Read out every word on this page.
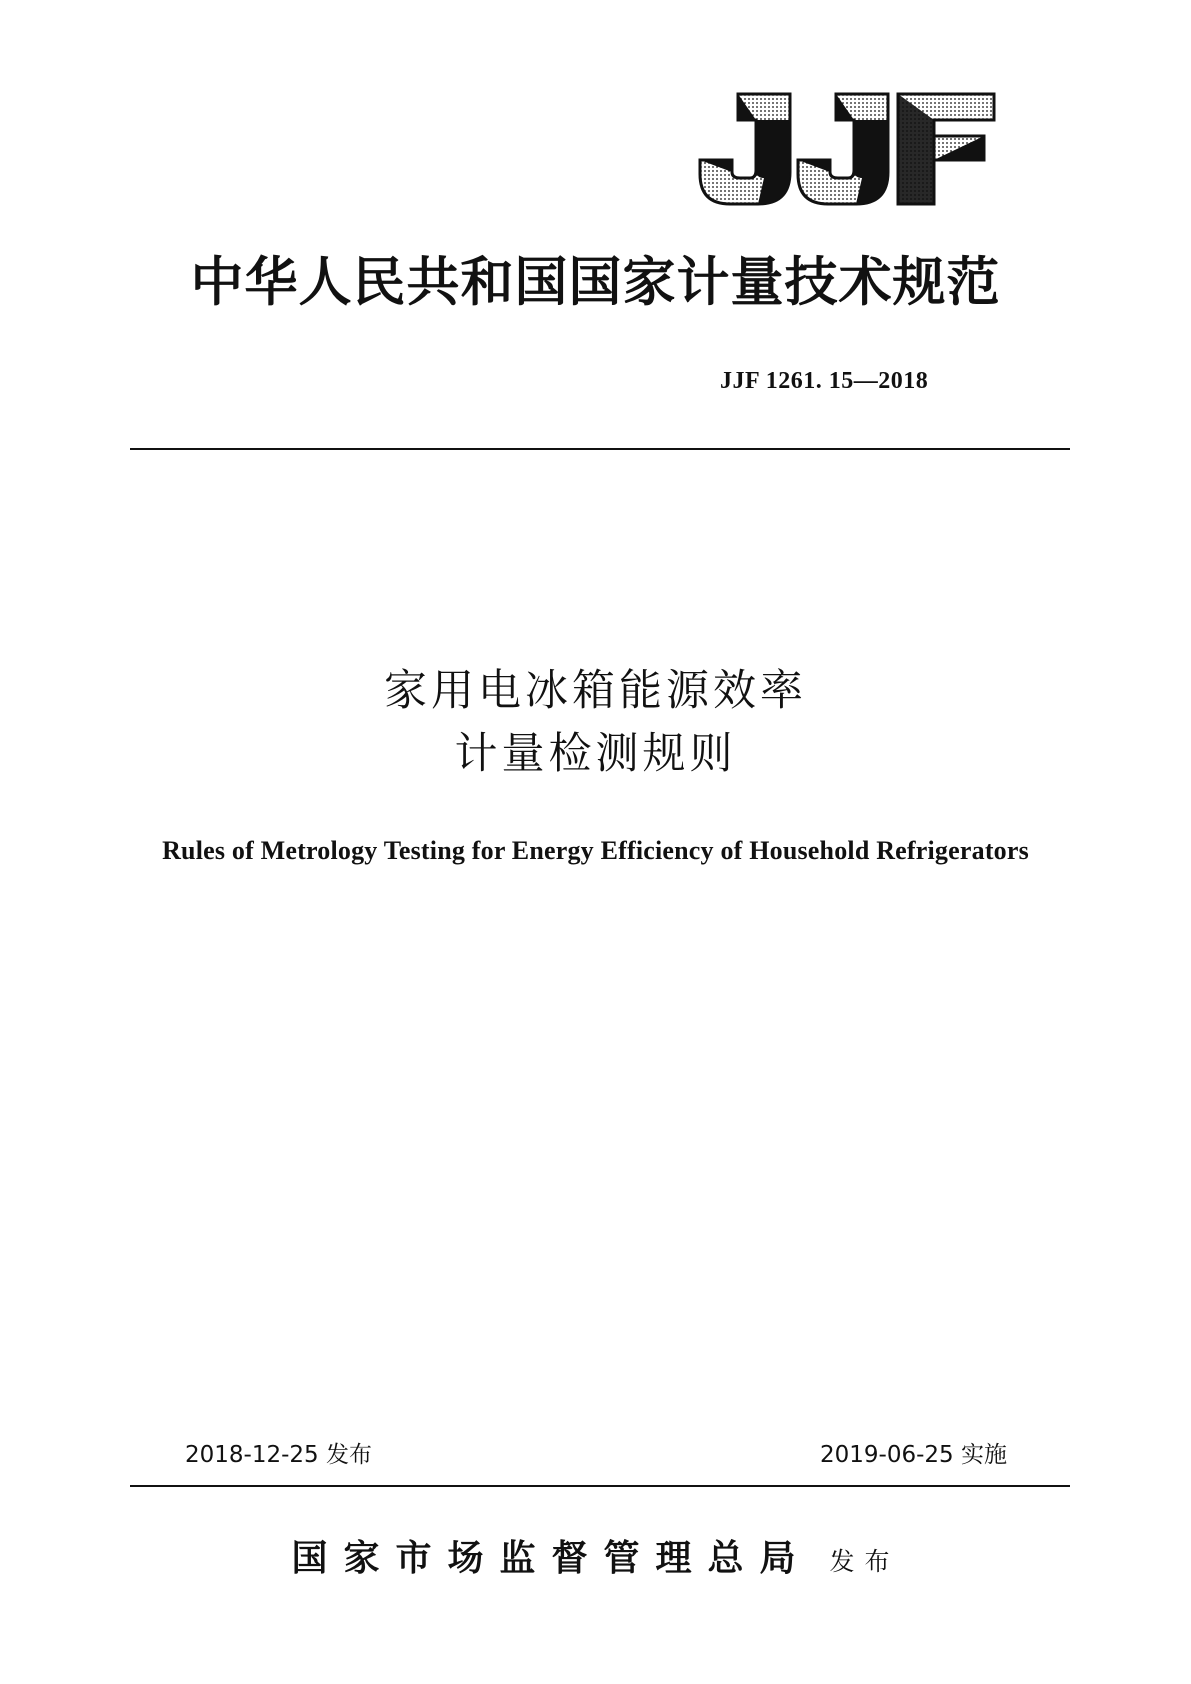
中华人民共和国国家计量技术规范
JJF 1261. 15—2018
家用电冰箱能源效率
计量检测规则
Rules of Metrology Testing for Energy Efficiency of Household Refrigerators
2018-12-25 发布	2019-06-25 实施
国家市场监督管理总局 发布
